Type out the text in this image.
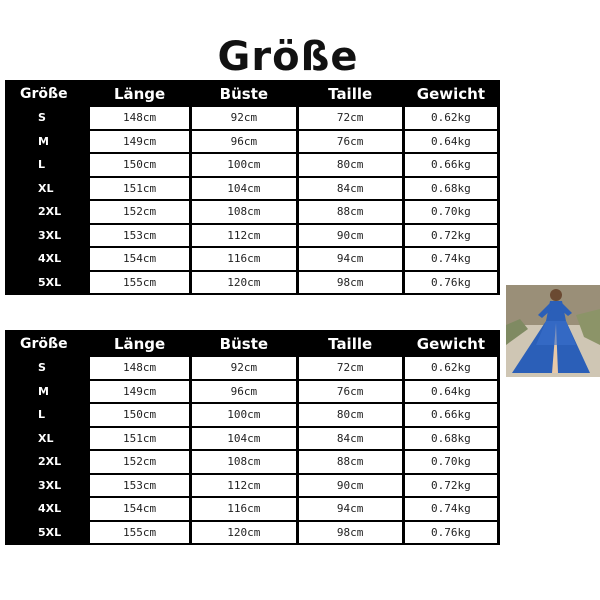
Größe
Größe	Länge	Büste	Taille	Gewicht
S	148cm	92cm	72cm	0.62kg
M	149cm	96cm	76cm	0.64kg
L	150cm	100cm	80cm	0.66kg
XL	151cm	104cm	84cm	0.68kg
2XL	152cm	108cm	88cm	0.70kg
3XL	153cm	112cm	90cm	0.72kg
4XL	154cm	116cm	94cm	0.74kg
5XL	155cm	120cm	98cm	0.76kg
Größe	Länge	Büste	Taille	Gewicht
S	148cm	92cm	72cm	0.62kg
M	149cm	96cm	76cm	0.64kg
L	150cm	100cm	80cm	0.66kg
XL	151cm	104cm	84cm	0.68kg
2XL	152cm	108cm	88cm	0.70kg
3XL	153cm	112cm	90cm	0.72kg
4XL	154cm	116cm	94cm	0.74kg
5XL	155cm	120cm	98cm	0.76kg
